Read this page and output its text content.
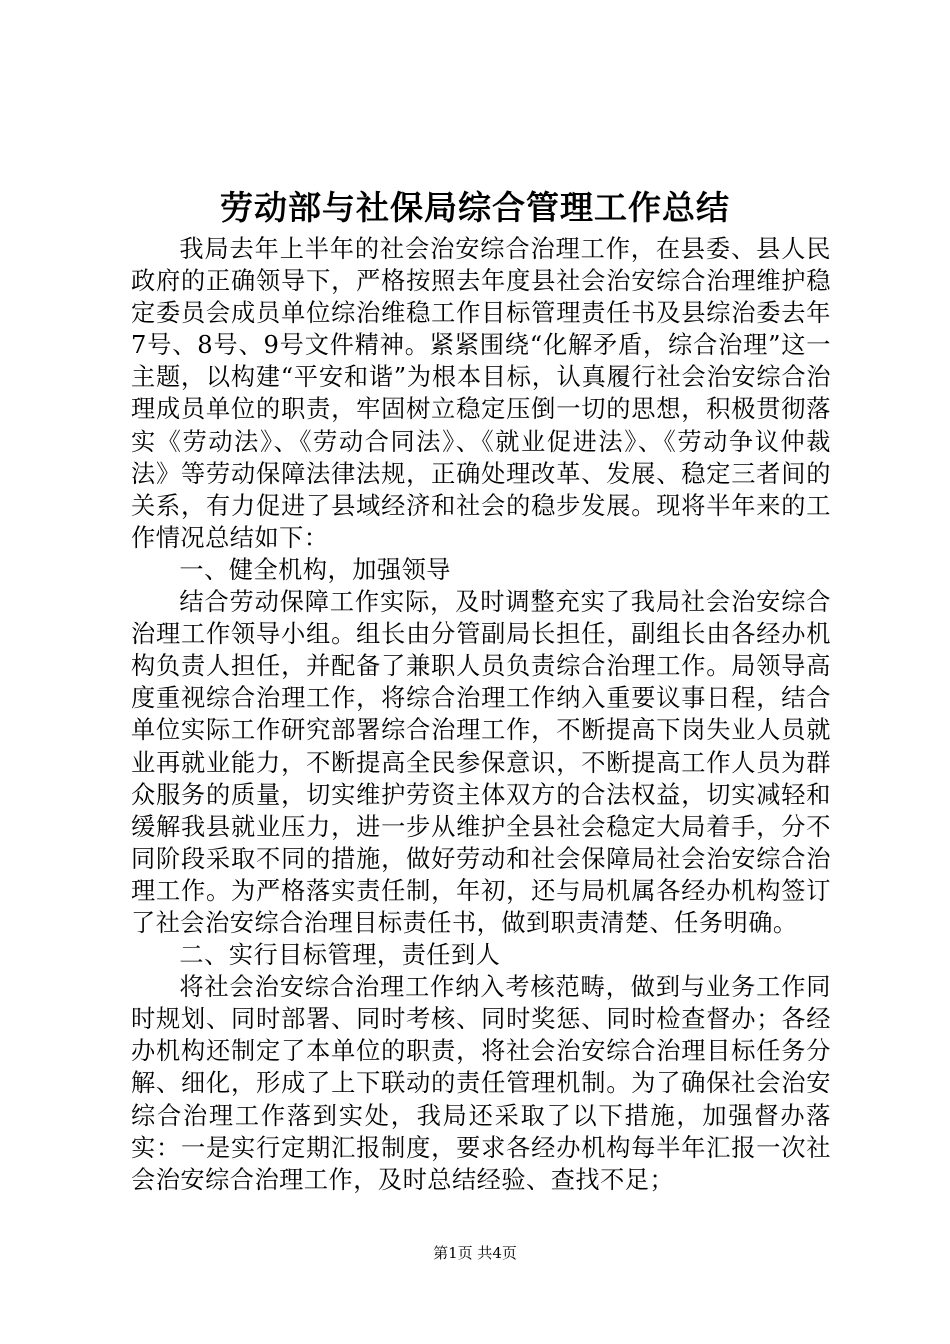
劳动部与社保局综合管理工作总结

我局去年上半年的社会治安综合治理工作，在县委、县人民政府的正确领导下，严格按照去年度县社会治安综合治理维护稳定委员会成员单位综治维稳工作目标管理责任书及县综治委去年7号、8号、9号文件精神。紧紧围绕“化解矛盾，综合治理”这一主题，以构建“平安和谐”为根本目标，认真履行社会治安综合治理成员单位的职责，牢固树立稳定压倒一切的思想，积极贯彻落实《劳动法》、《劳动合同法》、《就业促进法》、《劳动争议仲裁法》等劳动保障法律法规，正确处理改革、发展、稳定三者间的关系，有力促进了县域经济和社会的稳步发展。现将半年来的工作情况总结如下：

一、健全机构，加强领导

结合劳动保障工作实际，及时调整充实了我局社会治安综合治理工作领导小组。组长由分管副局长担任，副组长由各经办机构负责人担任，并配备了兼职人员负责综合治理工作。局领导高度重视综合治理工作，将综合治理工作纳入重要议事日程，结合单位实际工作研究部署综合治理工作，不断提高下岗失业人员就业再就业能力，不断提高全民参保意识，不断提高工作人员为群众服务的质量，切实维护劳资主体双方的合法权益，切实减轻和缓解我县就业压力，进一步从维护全县社会稳定大局着手，分不同阶段采取不同的措施，做好劳动和社会保障局社会治安综合治理工作。为严格落实责任制，年初，还与局机属各经办机构签订了社会治安综合治理目标责任书，做到职责清楚、任务明确。

二、实行目标管理，责任到人

将社会治安综合治理工作纳入考核范畴，做到与业务工作同时规划、同时部署、同时考核、同时奖惩、同时检查督办；各经办机构还制定了本单位的职责，将社会治安综合治理目标任务分解、细化，形成了上下联动的责任管理机制。为了确保社会治安综合治理工作落到实处，我局还采取了以下措施，加强督办落实：一是实行定期汇报制度，要求各经办机构每半年汇报一次社会治安综合治理工作，及时总结经验、查找不足；

第1页 共4页
